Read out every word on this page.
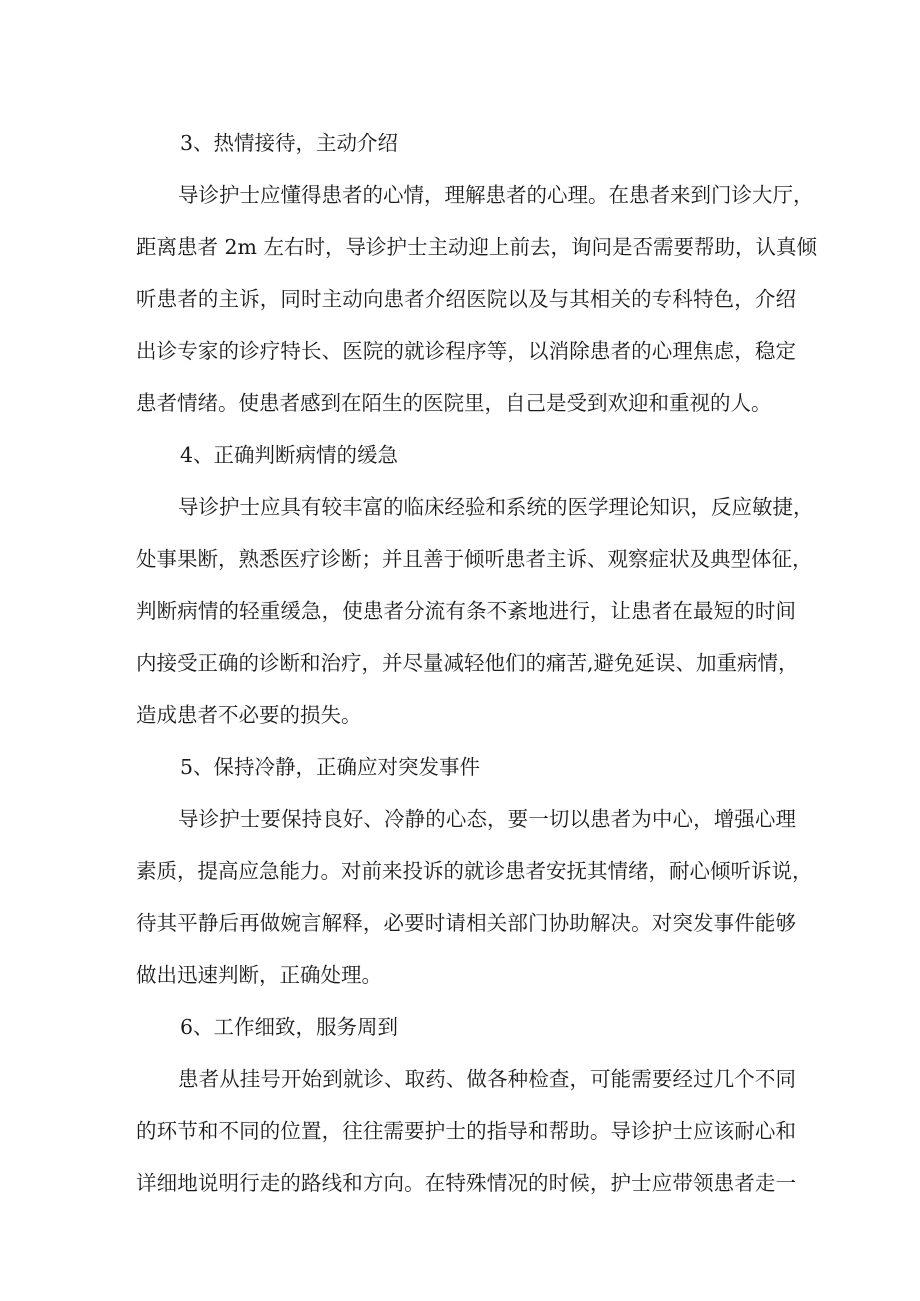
3、热情接待，主动介绍
导诊护士应懂得患者的心情，理解患者的心理。在患者来到门诊大厅，
距离患者 2m 左右时，导诊护士主动迎上前去，询问是否需要帮助，认真倾
听患者的主诉，同时主动向患者介绍医院以及与其相关的专科特色，介绍
出诊专家的诊疗特长、医院的就诊程序等，以消除患者的心理焦虑，稳定
患者情绪。使患者感到在陌生的医院里，自己是受到欢迎和重视的人。
4、正确判断病情的缓急
导诊护士应具有较丰富的临床经验和系统的医学理论知识，反应敏捷，
处事果断，熟悉医疗诊断；并且善于倾听患者主诉、观察症状及典型体征，
判断病情的轻重缓急，使患者分流有条不紊地进行，让患者在最短的时间
内接受正确的诊断和治疗，并尽量减轻他们的痛苦,避免延误、加重病情，
造成患者不必要的损失。
5、保持冷静，正确应对突发事件
导诊护士要保持良好、冷静的心态，要一切以患者为中心，增强心理
素质，提高应急能力。对前来投诉的就诊患者安抚其情绪，耐心倾听诉说，
待其平静后再做婉言解释，必要时请相关部门协助解决。对突发事件能够
做出迅速判断，正确处理。
6、工作细致，服务周到
患者从挂号开始到就诊、取药、做各种检查，可能需要经过几个不同
的环节和不同的位置，往往需要护士的指导和帮助。导诊护士应该耐心和
详细地说明行走的路线和方向。在特殊情况的时候，护士应带领患者走一
